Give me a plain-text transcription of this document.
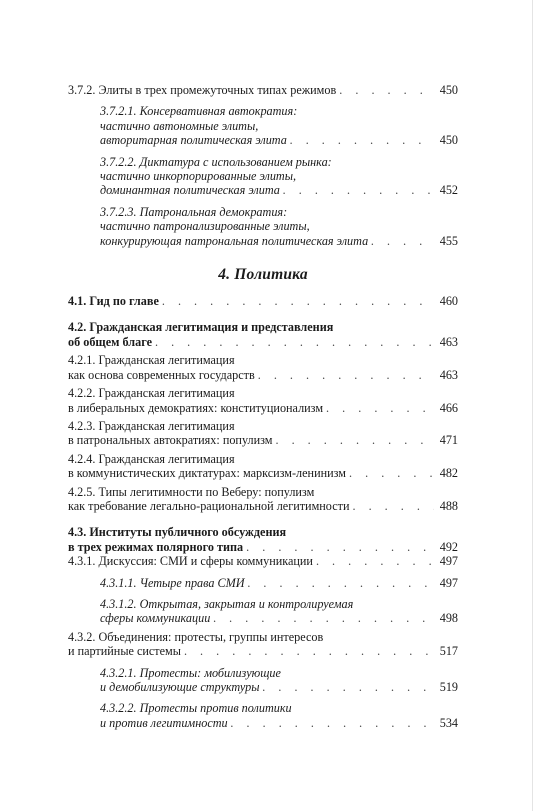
3.7.2. Элиты в трех промежуточных типах режимов . . .	450
3.7.2.1. Консервативная автократия:
частично автономные элиты,
авторитарная политическая элита . . .	450
3.7.2.2. Диктатура с использованием рынка:
частично инкорпорированные элиты,
доминантная политическая элита . . .	452
3.7.2.3. Патрональная демократия:
частично патронализированные элиты,
конкурирующая патрональная политическая элита . . .	455
4. Политика
4.1. Гид по главе . . .	460
4.2. Гражданская легитимация и представления
об общем благе . . .	463
4.2.1. Гражданская легитимация
как основа современных государств . . .	463
4.2.2. Гражданская легитимация
в либеральных демократиях: конституционализм . . .	466
4.2.3. Гражданская легитимация
в патрональных автократиях: популизм . . .	471
4.2.4. Гражданская легитимация
в коммунистических диктатурах: марксизм-ленинизм . . .	482
4.2.5. Типы легитимности по Веберу: популизм
как требование легально-рациональной легитимности . . .	488
4.3. Институты публичного обсуждения
в трех режимах полярного типа . . .	492
4.3.1. Дискуссия: СМИ и сферы коммуникации . . .	497
4.3.1.1. Четыре права СМИ . . .	497
4.3.1.2. Открытая, закрытая и контролируемая
сферы коммуникации . . .	498
4.3.2. Объединения: протесты, группы интересов
и партийные системы . . .	517
4.3.2.1. Протесты: мобилизующие
и демобилизующие структуры . . .	519
4.3.2.2. Протесты против политики
и против легитимности . . .	534
